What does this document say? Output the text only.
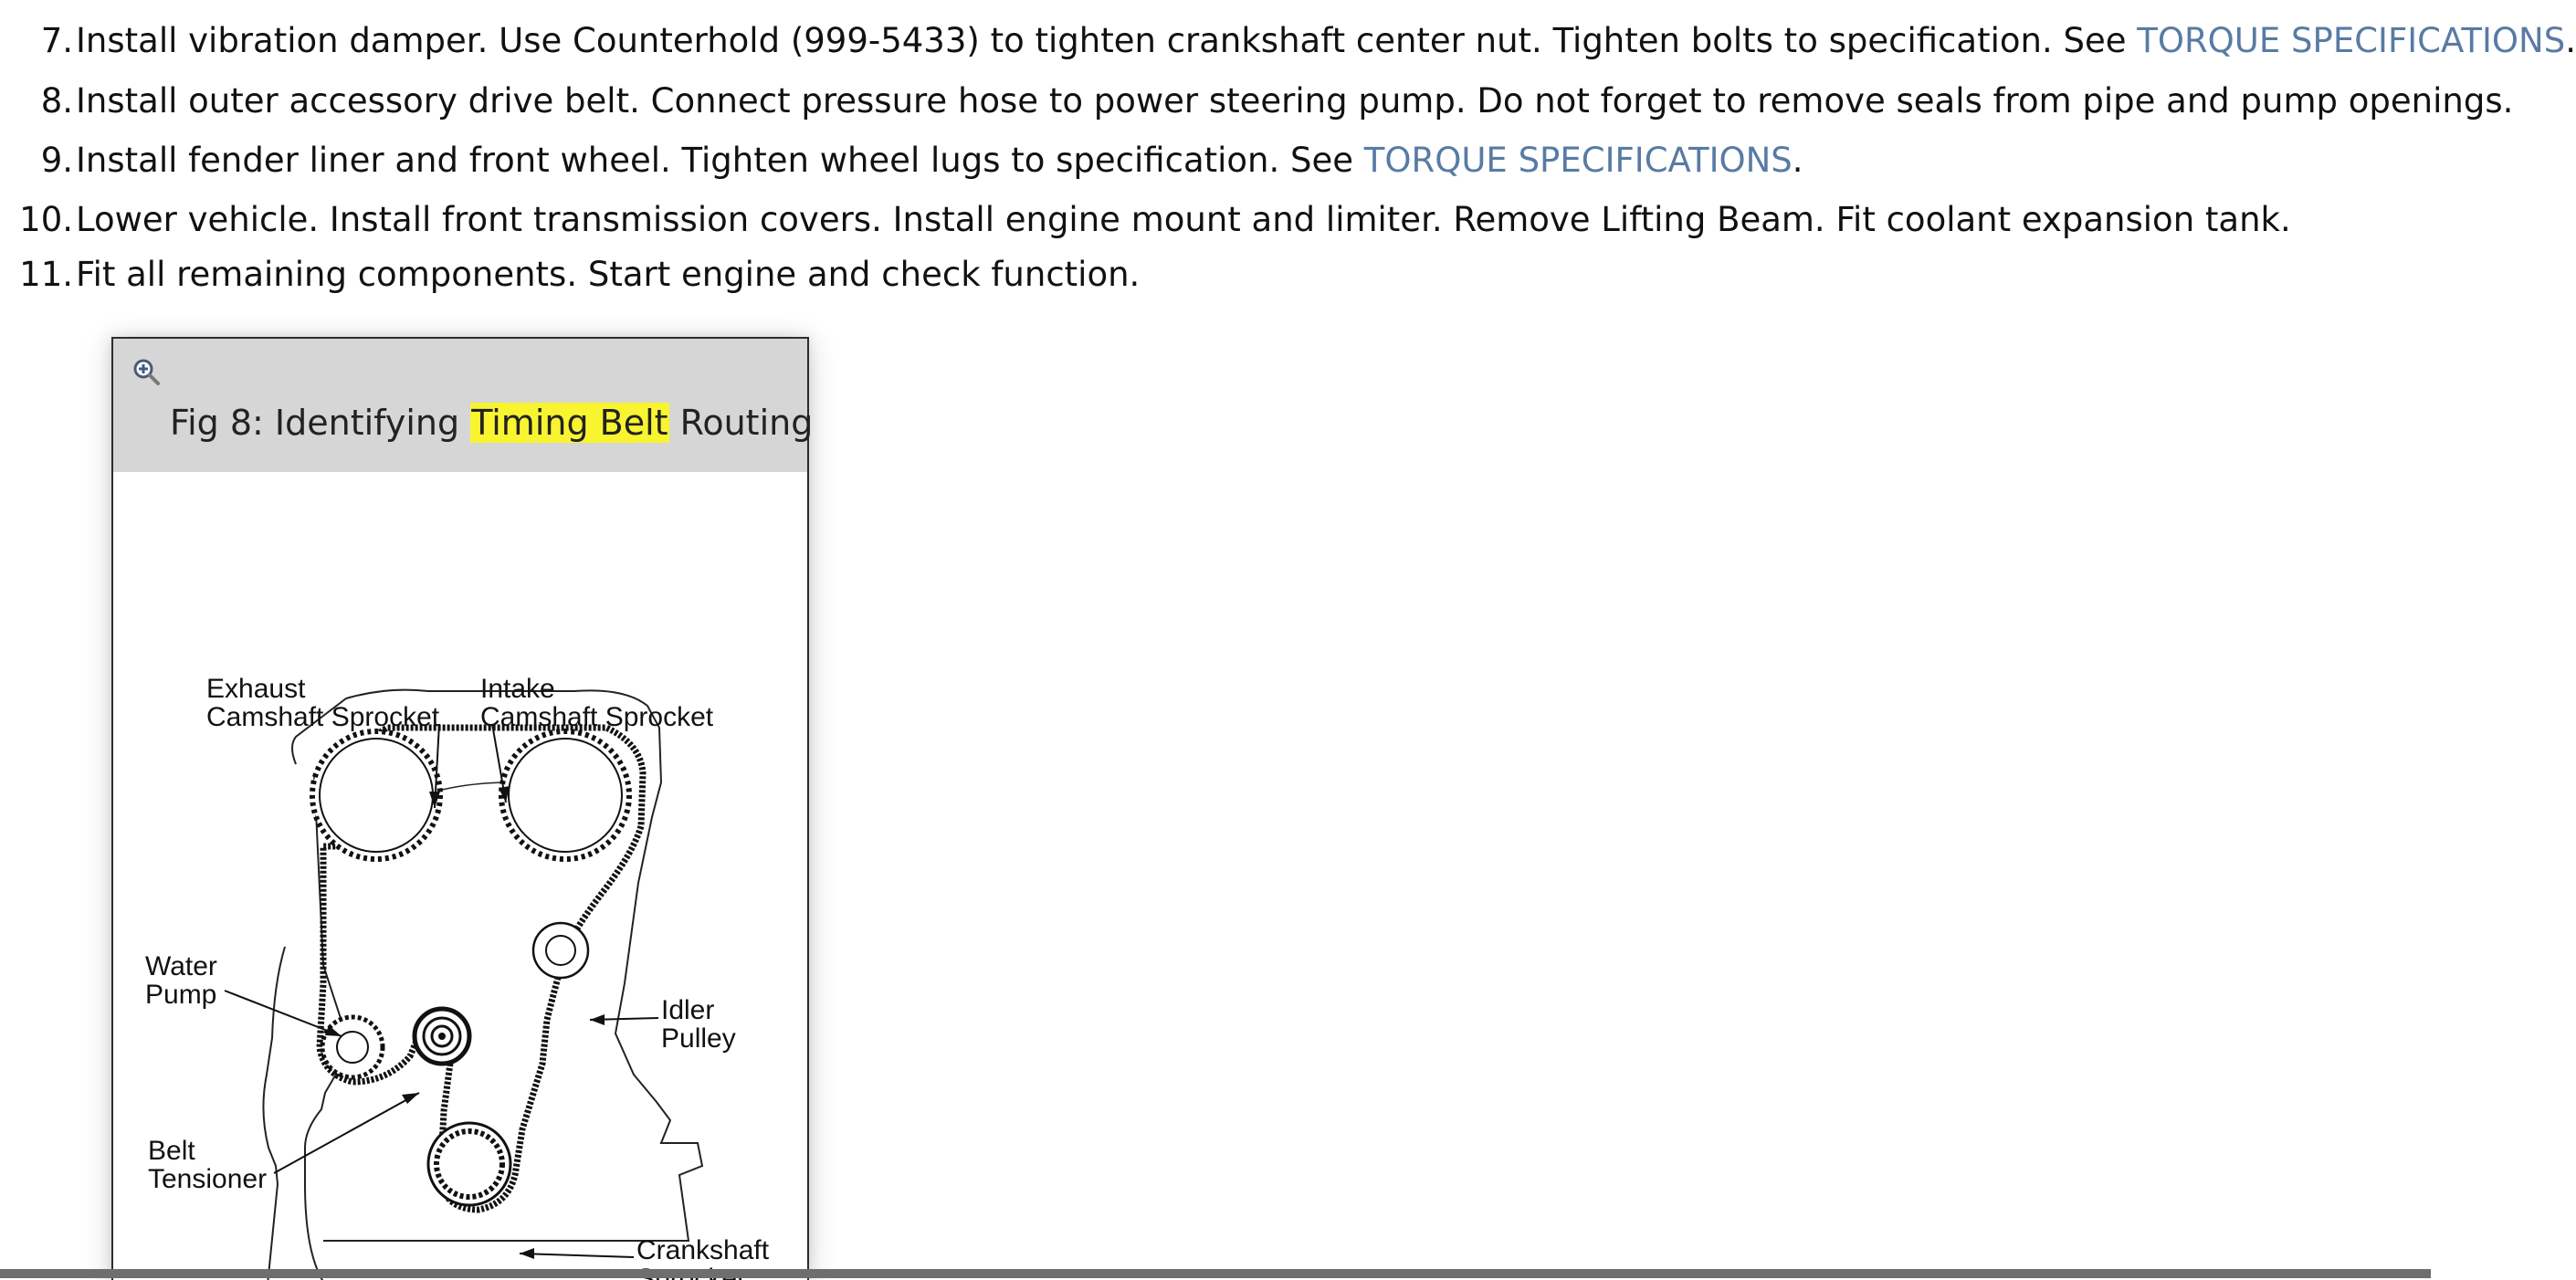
7.Install vibration damper. Use Counterhold (999-5433) to tighten crankshaft center nut. Tighten bolts to specification. See TORQUE SPECIFICATIONS.
8.Install outer accessory drive belt. Connect pressure hose to power steering pump. Do not forget to remove seals from pipe and pump openings.
9.Install fender liner and front wheel. Tighten wheel lugs to specification. See TORQUE SPECIFICATIONS.
10.Lower vehicle. Install front transmission covers. Install engine mount and limiter. Remove Lifting Beam. Fit coolant expansion tank.
11.Fit all remaining components. Start engine and check function.
Fig 8: Identifying Timing Belt Routing
Exhaust
Camshaft Sprocket
Intake
Camshaft Sprocket
Water
Pump
Idler
Pulley
Belt
Tensioner
Crankshaft
